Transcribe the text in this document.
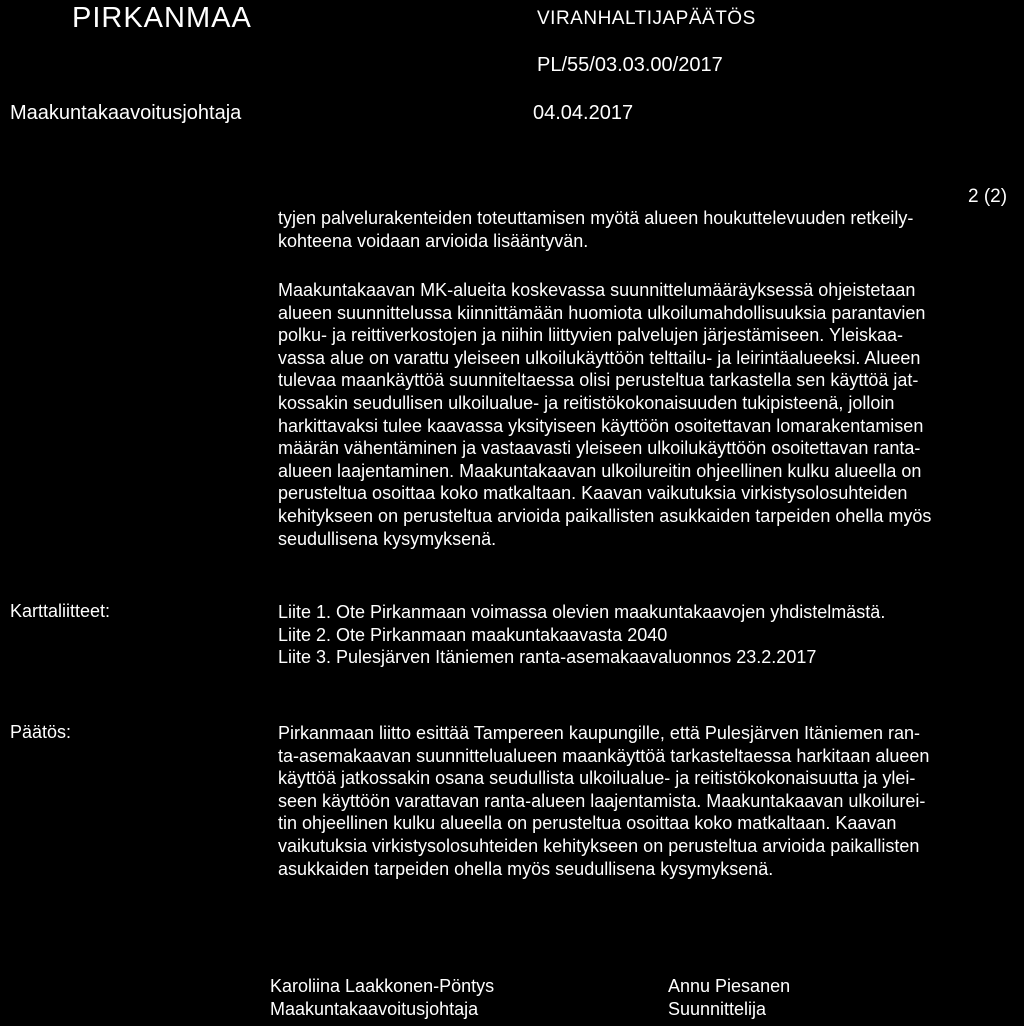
PIRKANMAA	VIRANHALTIJAPÄÄTÖS
PL/55/03.03.00/2017
Maakuntakaavoitusjohtaja	04.04.2017
2 (2)
tyjen palvelurakenteiden toteuttamisen myötä alueen houkuttelevuuden retkeily-
kohteena voidaan arvioida lisääntyvän.
Maakuntakaavan MK-alueita koskevassa suunnittelumääräyksessä ohjeistetaan
alueen suunnittelussa kiinnittämään huomiota ulkoilumahdollisuuksia parantavien
polku- ja reittiverkostojen ja niihin liittyvien palvelujen järjestämiseen. Yleiskaa-
vassa alue on varattu yleiseen ulkoilukäyttöön telttailu- ja leirintäalueeksi. Alueen
tulevaa maankäyttöä suunniteltaessa olisi perusteltua tarkastella sen käyttöä jat-
kossakin seudullisen ulkoilualue- ja reitistökokonaisuuden tukipisteenä, jolloin
harkittavaksi tulee kaavassa yksityiseen käyttöön osoitettavan lomarakentamisen
määrän vähentäminen ja vastaavasti yleiseen ulkoilukäyttöön osoitettavan ranta-
alueen laajentaminen. Maakuntakaavan ulkoilureitin ohjeellinen kulku alueella on
perusteltua osoittaa koko matkaltaan. Kaavan vaikutuksia virkistysolosuhteiden
kehitykseen on perusteltua arvioida paikallisten asukkaiden tarpeiden ohella myös
seudullisena kysymyksenä.
Karttaliitteet:	Liite 1. Ote Pirkanmaan voimassa olevien maakuntakaavojen yhdistelmästä.
Liite 2. Ote Pirkanmaan maakuntakaavasta 2040
Liite 3. Pulesjärven Itäniemen ranta-asemakaavaluonnos 23.2.2017
Päätös:	Pirkanmaan liitto esittää Tampereen kaupungille, että Pulesjärven Itäniemen ran-
ta-asemakaavan suunnittelualueen maankäyttöä tarkasteltaessa harkitaan alueen
käyttöä jatkossakin osana seudullista ulkoilualue- ja reitistökokonaisuutta ja ylei-
seen käyttöön varattavan ranta-alueen laajentamista. Maakuntakaavan ulkoilurei-
tin ohjeellinen kulku alueella on perusteltua osoittaa koko matkaltaan. Kaavan
vaikutuksia virkistysolosuhteiden kehitykseen on perusteltua arvioida paikallisten
asukkaiden tarpeiden ohella myös seudullisena kysymyksenä.
Karoliina Laakkonen-Pöntys
Maakuntakaavoitusjohtaja
Annu Piesanen
Suunnittelija
